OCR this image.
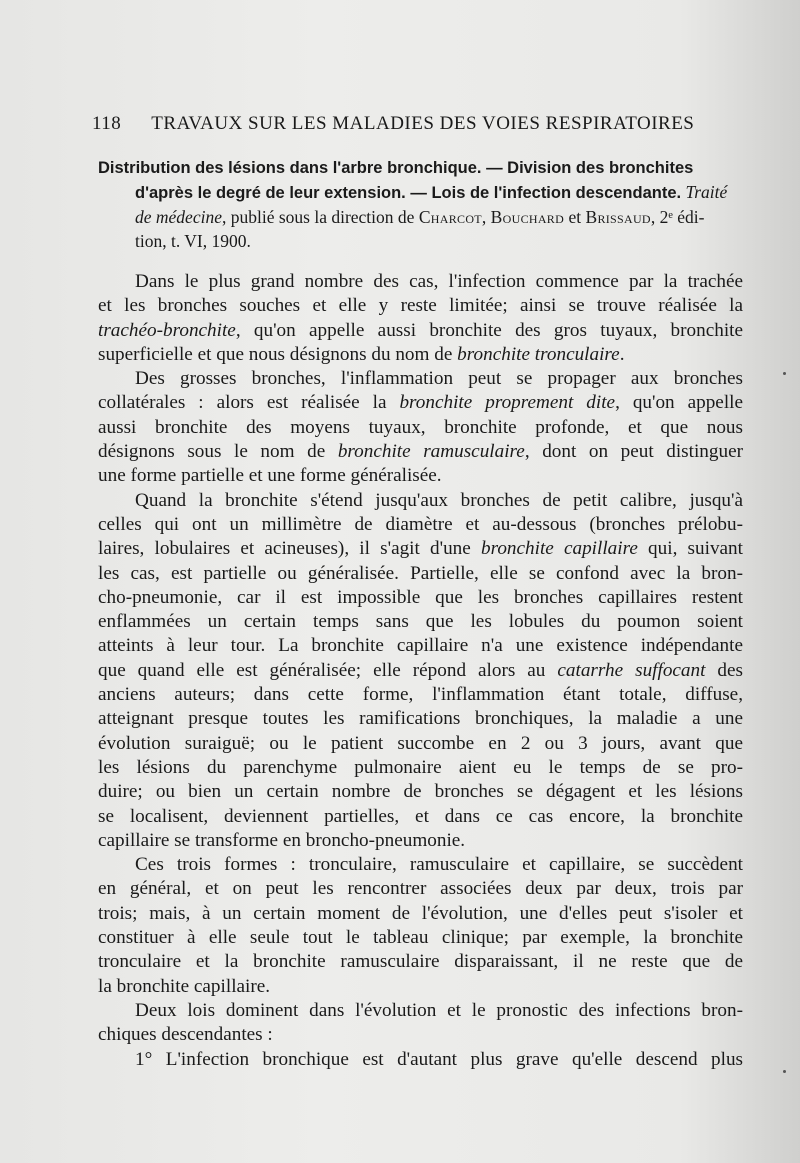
118 TRAVAUX SUR LES MALADIES DES VOIES RESPIRATOIRES
Distribution des lésions dans l'arbre bronchique. — Division des bronchites
d'après le degré de leur extension. — Lois de l'infection descendante. Traité
de médecine, publié sous la direction de Charcot, Bouchard et Brissaud, 2ᵉ édi-
tion, t. VI, 1900.
Dans le plus grand nombre des cas, l'infection commence par la trachée
et les bronches souches et elle y reste limitée; ainsi se trouve réalisée la
trachéo-bronchite, qu'on appelle aussi bronchite des gros tuyaux, bronchite
superficielle et que nous désignons du nom de bronchite tronculaire.
Des grosses bronches, l'inflammation peut se propager aux bronches
collatérales : alors est réalisée la bronchite proprement dite, qu'on appelle
aussi bronchite des moyens tuyaux, bronchite profonde, et que nous
désignons sous le nom de bronchite ramusculaire, dont on peut distinguer
une forme partielle et une forme généralisée.
Quand la bronchite s'étend jusqu'aux bronches de petit calibre, jusqu'à
celles qui ont un millimètre de diamètre et au-dessous (bronches prélobu-
laires, lobulaires et acineuses), il s'agit d'une bronchite capillaire qui, suivant
les cas, est partielle ou généralisée. Partielle, elle se confond avec la bron-
cho-pneumonie, car il est impossible que les bronches capillaires restent
enflammées un certain temps sans que les lobules du poumon soient
atteints à leur tour. La bronchite capillaire n'a une existence indépendante
que quand elle est généralisée; elle répond alors au catarrhe suffocant des
anciens auteurs; dans cette forme, l'inflammation étant totale, diffuse,
atteignant presque toutes les ramifications bronchiques, la maladie a une
évolution suraiguë; ou le patient succombe en 2 ou 3 jours, avant que
les lésions du parenchyme pulmonaire aient eu le temps de se pro-
duire; ou bien un certain nombre de bronches se dégagent et les lésions
se localisent, deviennent partielles, et dans ce cas encore, la bronchite
capillaire se transforme en broncho-pneumonie.
Ces trois formes : tronculaire, ramusculaire et capillaire, se succèdent
en général, et on peut les rencontrer associées deux par deux, trois par
trois; mais, à un certain moment de l'évolution, une d'elles peut s'isoler et
constituer à elle seule tout le tableau clinique; par exemple, la bronchite
tronculaire et la bronchite ramusculaire disparaissant, il ne reste que de
la bronchite capillaire.
Deux lois dominent dans l'évolution et le pronostic des infections bron-
chiques descendantes :
1° L'infection bronchique est d'autant plus grave qu'elle descend plus
